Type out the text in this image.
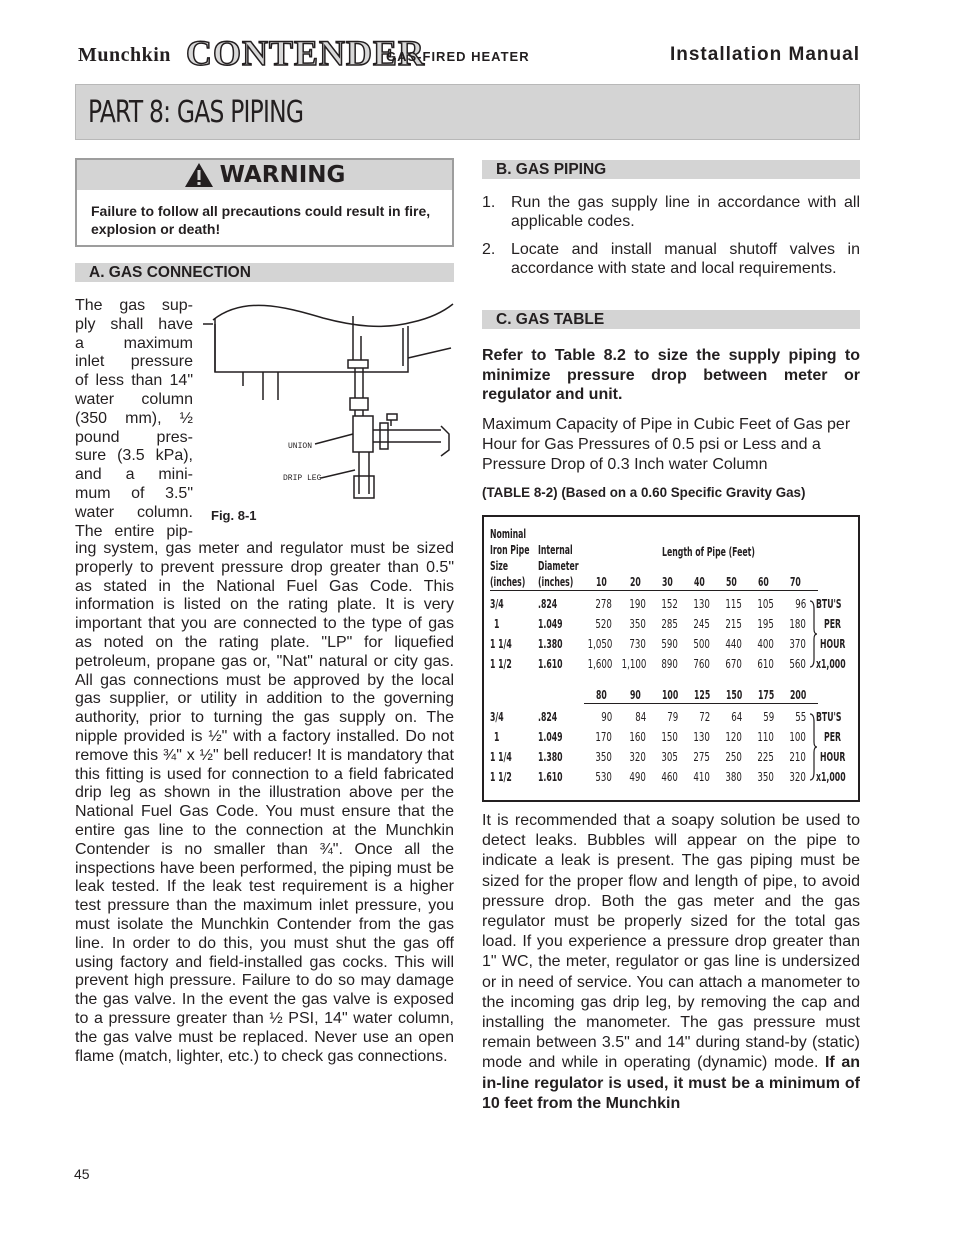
Munchkin CONTENDER
GAS-FIRED HEATER	Installation Manual
PART 8: GAS PIPING
WARNING
Failure to follow all precautions could result in fire, explosion or death!
A. GAS CONNECTION
The gas sup-
ply shall have
a maximum
inlet pressure
of less than 14"
water column
(350 mm), ½
pound pres-
sure (3.5 kPa),
and a mini-
mum of 3.5"
water column.
The entire pip-
UNION
DRIP LEG
Fig. 8-1

ing system, gas meter and regulator must be sized properly to prevent pressure drop greater than 0.5" as stated in the National Fuel Gas Code. This information is listed on the rating plate. It is very important that you are connected to the type of gas as noted on the rating plate. "LP" for liquefied petroleum, propane gas or, "Nat" natural or city gas. All gas connections must be approved by the local gas supplier, or utility in addition to the governing authority, prior to turning the gas supply on. The nipple provided is ½" with a factory installed. Do not remove this ¾" x ½" bell reducer! It is mandatory that this fitting is used for connection to a field fabricated drip leg as shown in the illustration above per the National Fuel Gas Code. You must ensure that the entire gas line to the connection at the Munchkin Contender is no smaller than ¾". Once all the inspections have been performed, the piping must be leak tested. If the leak test requirement is a higher test pressure than the maximum inlet pressure, you must isolate the Munchkin Contender from the gas line. In order to do this, you must shut the gas off using factory and field-installed gas cocks. This will prevent high pressure. Failure to do so may damage the gas valve. In the event the gas valve is exposed to a pressure greater than ½ PSI, 14" water column, the gas valve must be replaced. Never use an open flame (match, lighter, etc.) to check gas connections.

B. GAS PIPING
1. Run the gas supply line in accordance with all applicable codes.
2. Locate and install manual shutoff valves in accordance with state and local requirements.
C. GAS TABLE
Refer to Table 8.2 to size the supply piping to minimize pressure drop between meter or regulator and unit.
Maximum Capacity of Pipe in Cubic Feet of Gas per Hour for Gas Pressures of 0.5 psi or Less and a Pressure Drop of 0.3 Inch water Column
(TABLE 8-2) (Based on a 0.60 Specific Gravity Gas)
Nominal
Iron Pipe
Size
(inches)
Internal
Diameter
(inches)
Length of Pipe (Feet)
10 20 30 40 50 60 70
3/4	.824	278 190 152 130 115 105 96 BTU'S
1	1.049	520 350 285 245 215 195 180 PER
1 1/4 1.380 1,050 730 590 500 440 400 370 HOUR
1 1/2 1.610 1,600 1,100 890 760 670 610 560 x1,000
80 90 100 125 150 175 200
3/4	.824	90 84 79 72 64 59 55 BTU'S
1	1.049	170 160 150 130 120 110 100 PER
1 1/4 1.380	350 320 305 275 250 225 210 HOUR
1 1/2 1.610	530 490 460 410 380 350 320 x1,000

It is recommended that a soapy solution be used to detect leaks. Bubbles will appear on the pipe to indicate a leak is present. The gas piping must be sized for the proper flow and length of pipe, to avoid pressure drop. Both the gas meter and the gas regulator must be properly sized for the total gas load. If you experience a pressure drop greater than 1" WC, the meter, regulator or gas line is undersized or in need of service. You can attach a manometer to the incoming gas drip leg, by removing the cap and installing the manometer. The gas pressure must remain between 3.5" and 14" during stand-by (static) mode and while in operating (dynamic) mode. If an in-line regulator is used, it must be a minimum of 10 feet from the Munchkin

45
